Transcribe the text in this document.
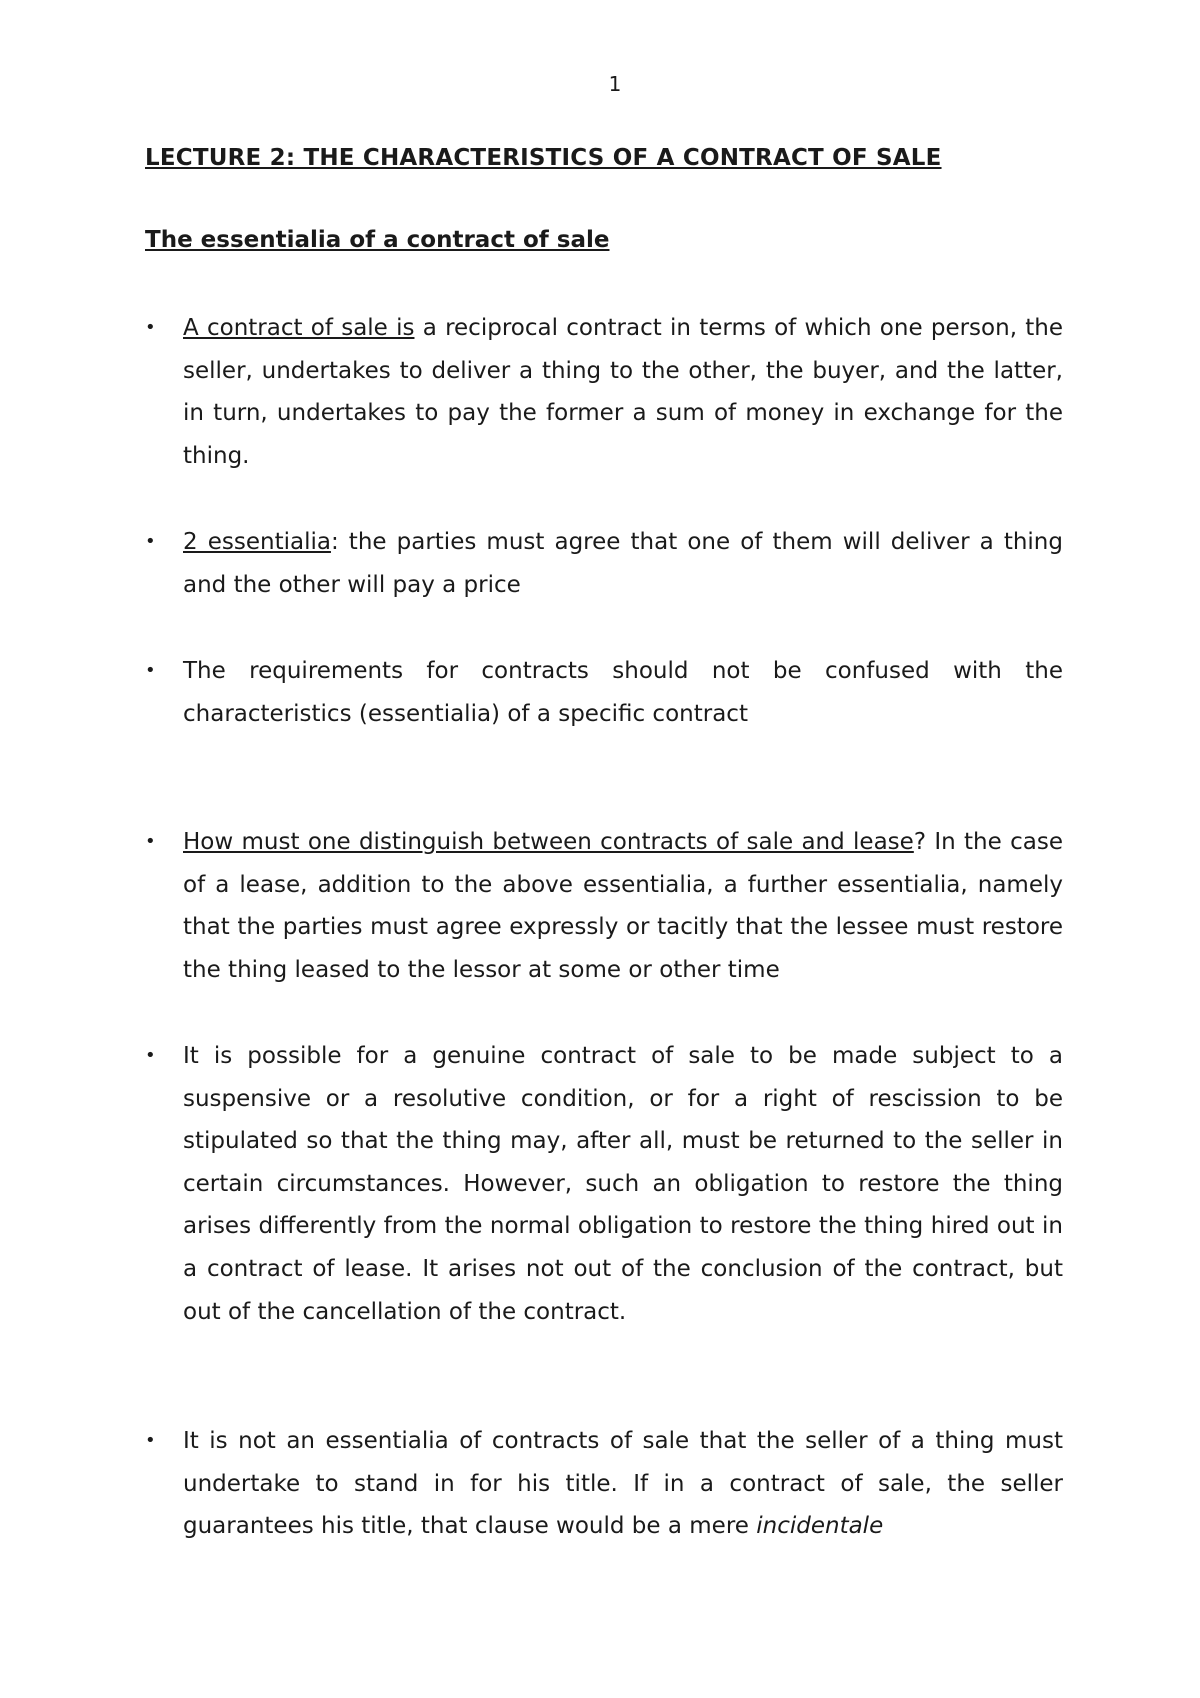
1
LECTURE 2: THE CHARACTERISTICS OF A CONTRACT OF SALE
The essentialia of a contract of sale
•	A contract of sale is a reciprocal contract in terms of which one person, the seller, undertakes to deliver a thing to the other, the buyer, and the latter, in turn, undertakes to pay the former a sum of money in exchange for the thing.

•	2 essentialia: the parties must agree that one of them will deliver a thing and the other will pay a price

•	The requirements for contracts should not be confused with the characteristics (essentialia) of a specific contract

•	How must one distinguish between contracts of sale and lease? In the case of a lease, addition to the above essentialia, a further essentialia, namely that the parties must agree expressly or tacitly that the lessee must restore the thing leased to the lessor at some or other time

•	It is possible for a genuine contract of sale to be made subject to a suspensive or a resolutive condition, or for a right of rescission to be stipulated so that the thing may, after all, must be returned to the seller in certain circumstances. However, such an obligation to restore the thing arises differently from the normal obligation to restore the thing hired out in a contract of lease. It arises not out of the conclusion of the contract, but out of the cancellation of the contract.

•	It is not an essentialia of contracts of sale that the seller of a thing must undertake to stand in for his title. If in a contract of sale, the seller guarantees his title, that clause would be a mere incidentale
